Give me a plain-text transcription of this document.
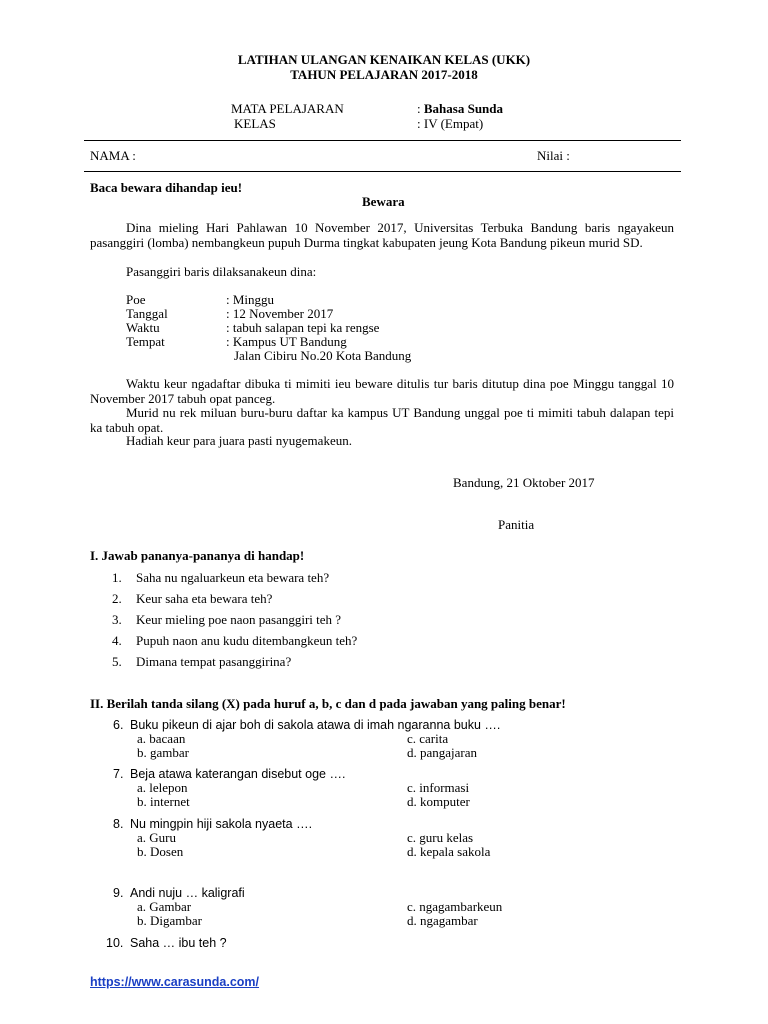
LATIHAN ULANGAN KENAIKAN KELAS (UKK)
TAHUN PELAJARAN 2017-2018
MATA PELAJARAN	: Bahasa Sunda
KELAS	: IV (Empat)
NAMA :	Nilai :
Baca bewara dihandap ieu!
Bewara
Dina mieling Hari Pahlawan 10 November 2017, Universitas Terbuka Bandung baris ngayakeun pasanggiri (lomba) nembangkeun pupuh Durma tingkat kabupaten jeung Kota Bandung pikeun murid SD.
Pasanggiri baris dilaksanakeun dina:
Poe	: Minggu
Tanggal	: 12 November 2017
Waktu	: tabuh salapan tepi ka rengse
Tempat	: Kampus UT Bandung
Jalan Cibiru No.20 Kota Bandung
Waktu keur ngadaftar dibuka ti mimiti ieu beware ditulis tur baris ditutup dina poe Minggu tanggal 10 November 2017 tabuh opat panceg.
Murid nu rek miluan buru-buru daftar ka kampus UT Bandung unggal poe ti mimiti tabuh dalapan tepi ka tabuh opat.
Hadiah keur para juara pasti nyugemakeun.
Bandung, 21 Oktober 2017
Panitia
I. Jawab pananya-pananya di handap!
1. Saha nu ngaluarkeun eta bewara teh?
2. Keur saha eta bewara teh?
3. Keur mieling poe naon pasanggiri teh ?
4. Pupuh naon anu kudu ditembangkeun teh?
5. Dimana tempat pasanggirina?
II. Berilah tanda silang (X) pada huruf a, b, c dan d pada jawaban yang paling benar!
6. Buku pikeun di ajar boh di sakola atawa di imah ngaranna buku ….
a. bacaan	c. carita
b. gambar	d. pangajaran
7. Beja atawa katerangan disebut oge ….
a. lelepon	c. informasi
b. internet	d. komputer
8. Nu mingpin hiji sakola nyaeta ….
a. Guru	c. guru kelas
b. Dosen	d. kepala sakola
9. Andi nuju … kaligrafi
a. Gambar	c. ngagambarkeun
b. Digambar	d. ngagambar
10. Saha … ibu teh ?
https://www.carasunda.com/
